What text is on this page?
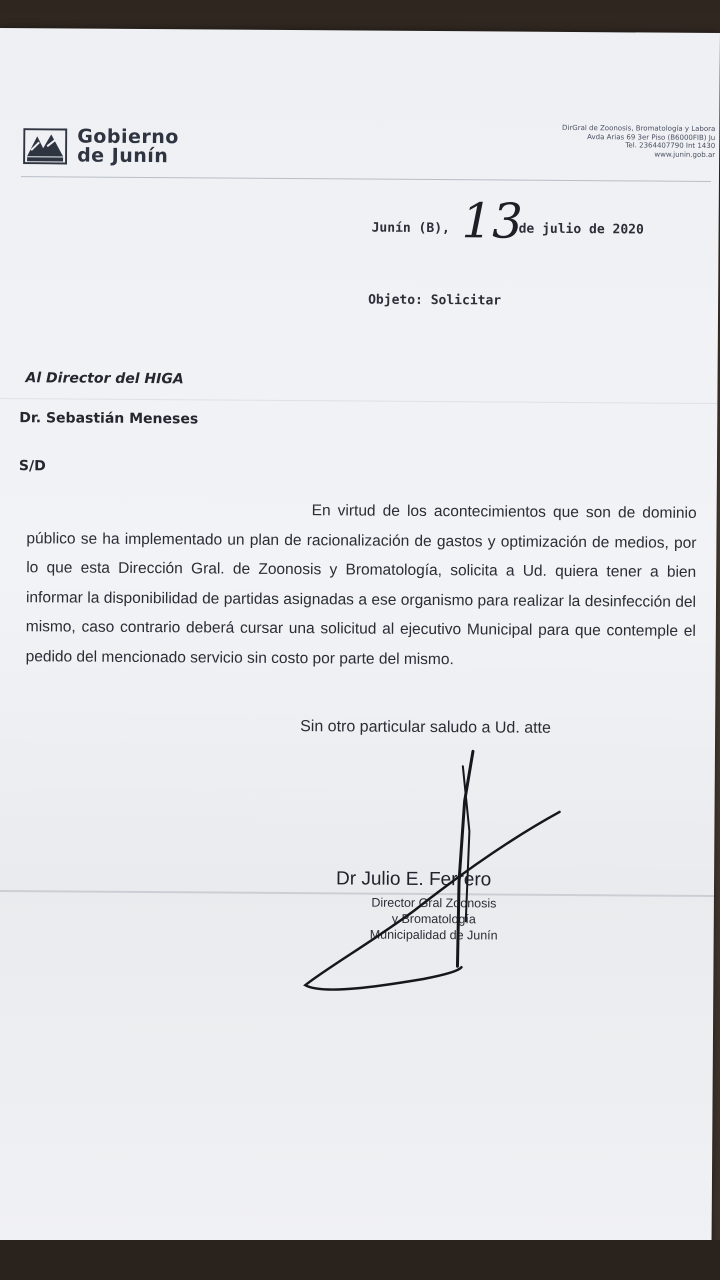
Gobierno
de Junín
DirGral de Zoonosis, Bromatología y Labora
Avda Arias 69 3er Piso (B6000FIB) Ju
Tel. 2364407790 Int 1430
www.junin.gob.ar
Junín (B), 13
de julio de 2020
Objeto: Solicitar
Al Director del HIGA
Dr. Sebastián Meneses
S/D
En virtud de los acontecimientos que son de dominio público se ha implementado un plan de racionalización de gastos y optimización de medios, por lo que esta Dirección Gral. de Zoonosis y Bromatología, solicita a Ud. quiera tener a bien informar la disponibilidad de partidas asignadas a ese organismo para realizar la desinfección del mismo, caso contrario deberá cursar una solicitud al ejecutivo Municipal para que contemple el pedido del mencionado servicio sin costo por parte del mismo.
Sin otro particular saludo a Ud. atte
Dr Julio E. Ferrero
Director Gral Zoonosis
y Bromatología
Municipalidad de Junín
